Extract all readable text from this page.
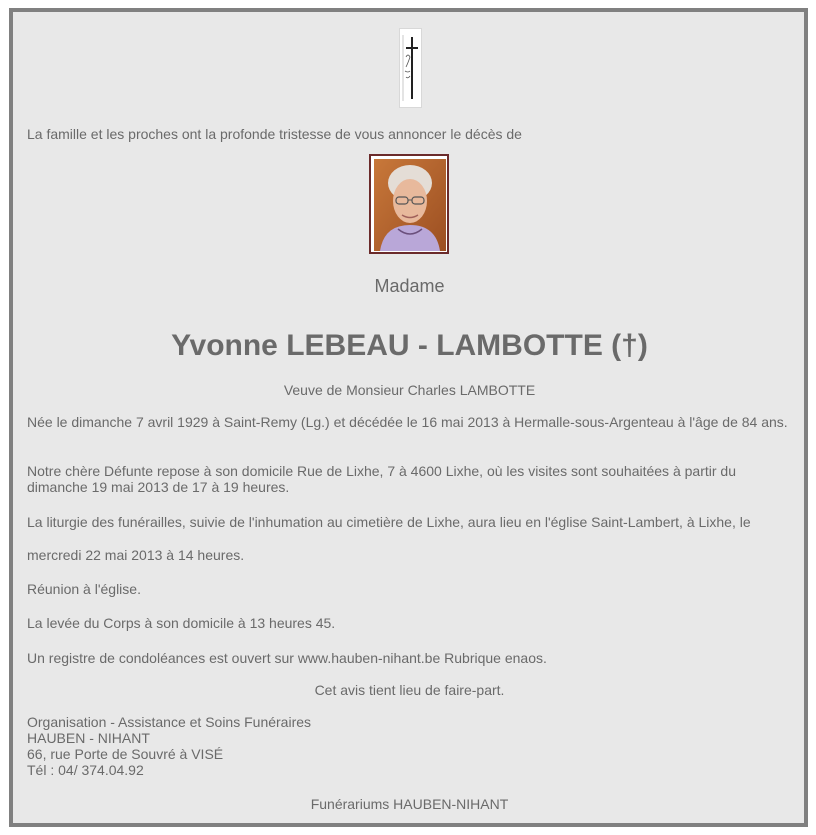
La famille et les proches ont la profonde tristesse de vous annoncer le décès de

Madame
Yvonne LEBEAU - LAMBOTTE (†)

Veuve de Monsieur Charles LAMBOTTE

Née le dimanche 7 avril 1929 à Saint-Remy (Lg.) et décédée le 16 mai 2013 à Hermalle-sous-Argenteau à l'âge de 84 ans.

Notre chère Défunte repose à son domicile Rue de Lixhe, 7 à 4600 Lixhe, où les visites sont souhaitées à partir du dimanche 19 mai 2013 de 17 à 19 heures.

La liturgie des funérailles, suivie de l'inhumation au cimetière de Lixhe, aura lieu en l'église Saint-Lambert, à Lixhe, le

mercredi 22 mai 2013 à 14 heures.

Réunion à l'église.

La levée du Corps à son domicile à 13 heures 45.

Un registre de condoléances est ouvert sur www.hauben-nihant.be Rubrique enaos.

Cet avis tient lieu de faire-part.

Organisation - Assistance et Soins Funéraires
HAUBEN - NIHANT
66, rue Porte de Souvré à VISÉ
Tél : 04/ 374.04.92

Funérariums HAUBEN-NIHANT
